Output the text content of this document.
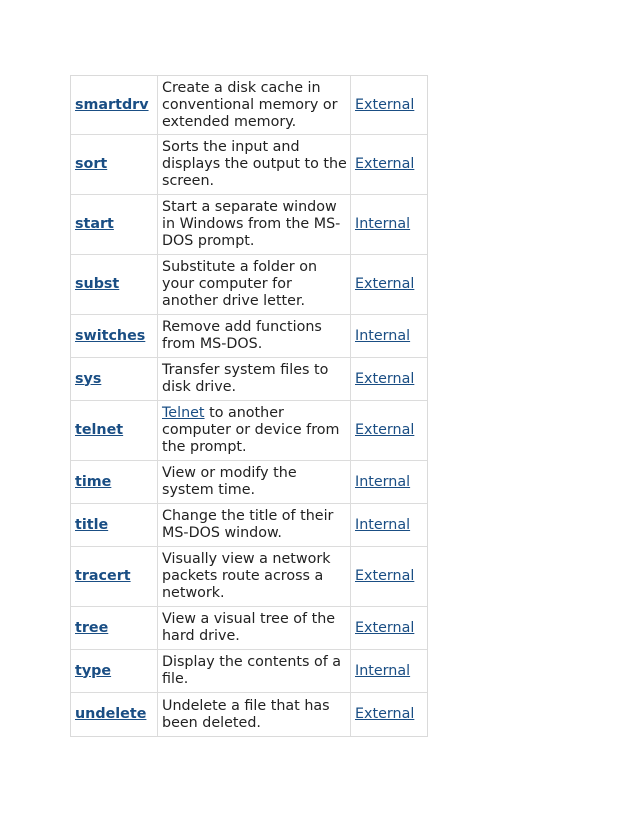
smartdrv	Create a disk cache in conventional memory or extended memory.	External
sort	Sorts the input and displays the output to the screen.	External
start	Start a separate window in Windows from the MS-DOS prompt.	Internal
subst	Substitute a folder on your computer for another drive letter.	External
switches	Remove add functions from MS-DOS.	Internal
sys	Transfer system files to disk drive.	External
telnet	Telnet to another computer or device from the prompt.	External
time	View or modify the system time.	Internal
title	Change the title of their MS-DOS window.	Internal
tracert	Visually view a network packets route across a network.	External
tree	View a visual tree of the hard drive.	External
type	Display the contents of a file.	Internal
undelete	Undelete a file that has been deleted.	External
